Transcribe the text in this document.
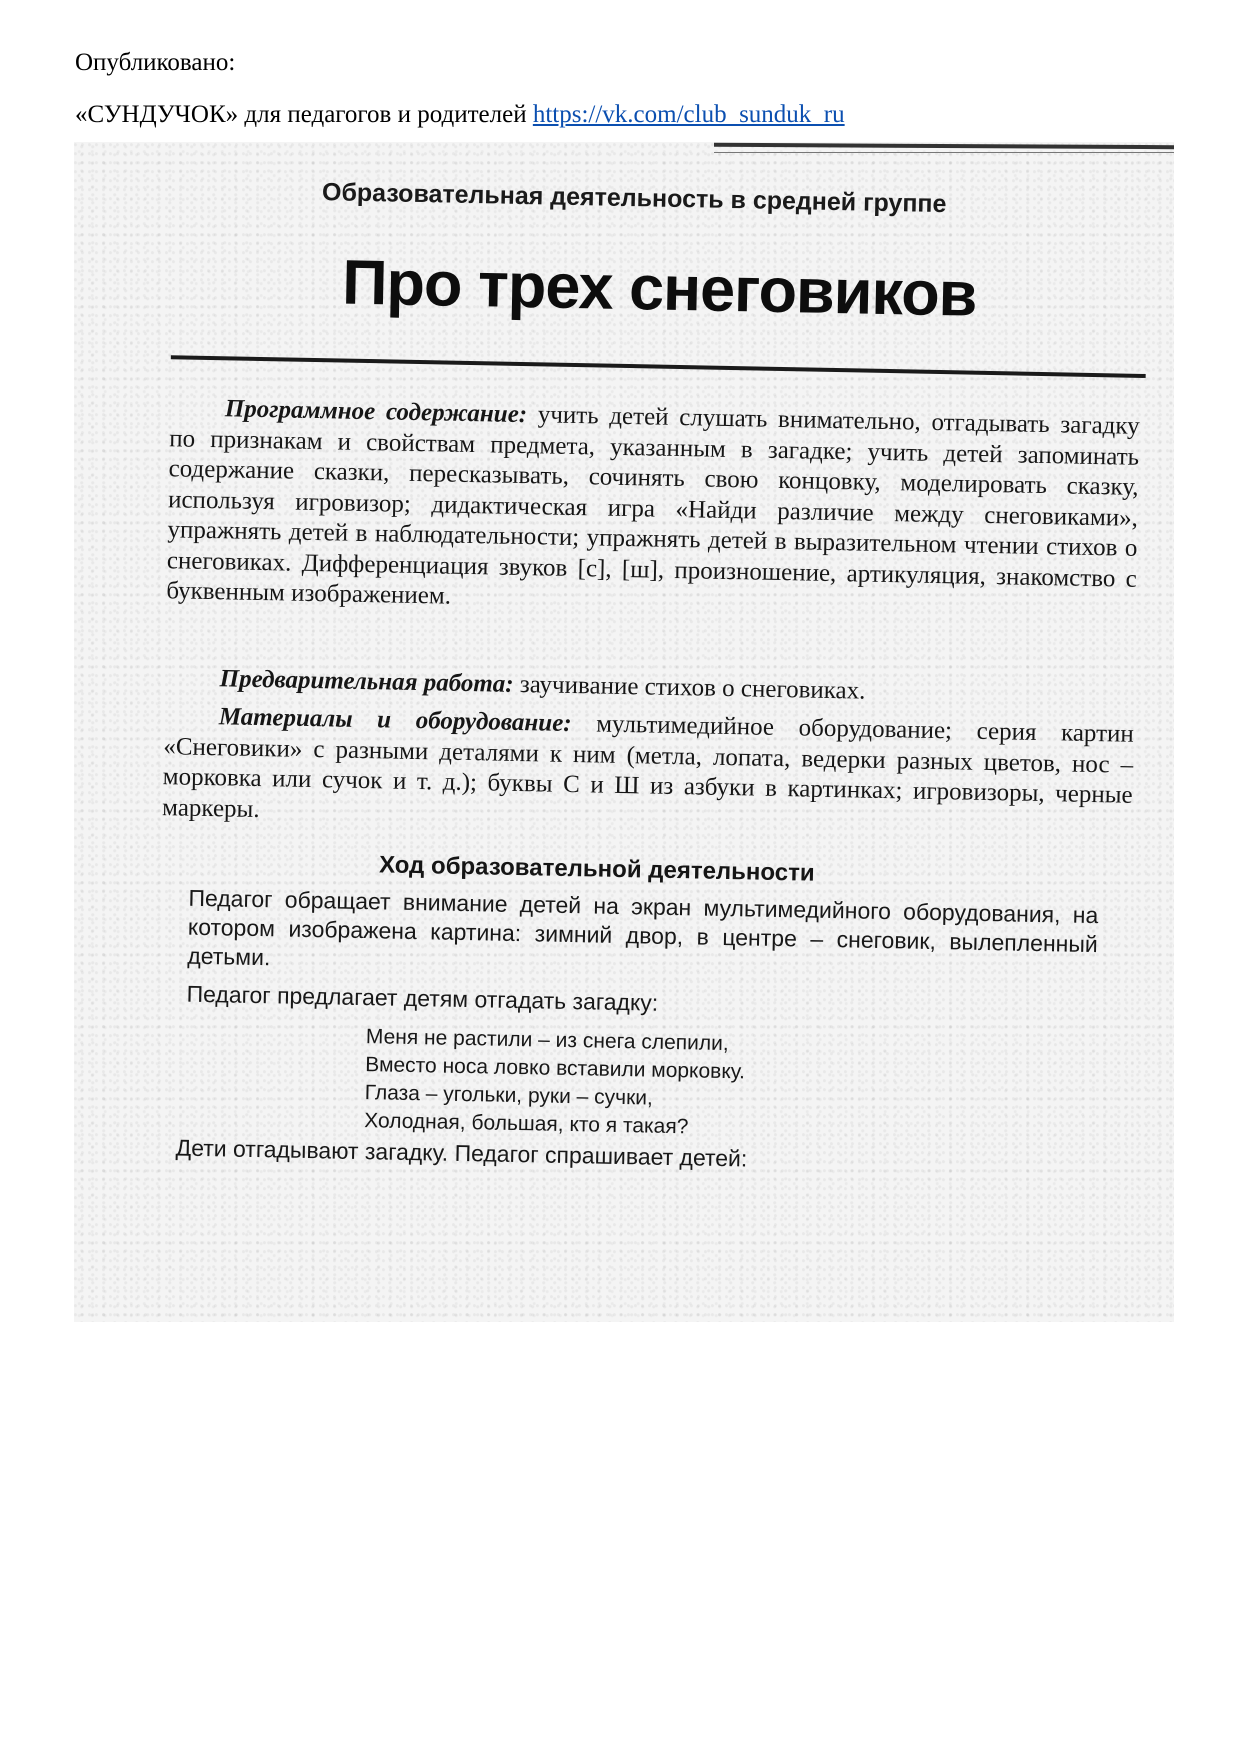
Опубликовано:
«СУНДУЧОК» для педагогов и родителей https://vk.com/club_sunduk_ru
Образовательная деятельность в средней группе
Про трех снеговиков
Программное содержание: учить детей слушать внимательно, отгадывать загадку по признакам и свойствам предмета, указанным в загадке; учить детей запоминать содержание сказки, пересказывать, сочинять свою концовку, моделировать сказку, используя игровизор; дидактическая игра «Найди различие между снеговиками», упражнять детей в наблюдательности; упражнять детей в выразительном чтении стихов о снеговиках. Дифференциация звуков [с], [ш], произношение, артикуляция, знакомство с буквенным изображением.
Предварительная работа: заучивание стихов о снеговиках.
Материалы и оборудование: мультимедийное оборудование; серия картин «Снеговики» с разными деталями к ним (метла, лопата, ведерки разных цветов, нос – морковка или сучок и т. д.); буквы С и Ш из азбуки в картинках; игровизоры, черные маркеры.
Ход образовательной деятельности
Педагог обращает внимание детей на экран мультимедийного оборудования, на котором изображена картина: зимний двор, в центре – снеговик, вылепленный детьми.
Педагог предлагает детям отгадать загадку:
Меня не растили – из снега слепили,
Вместо носа ловко вставили морковку.
Глаза – угольки, руки – сучки,
Холодная, большая, кто я такая?
Дети отгадывают загадку. Педагог спрашивает детей:
